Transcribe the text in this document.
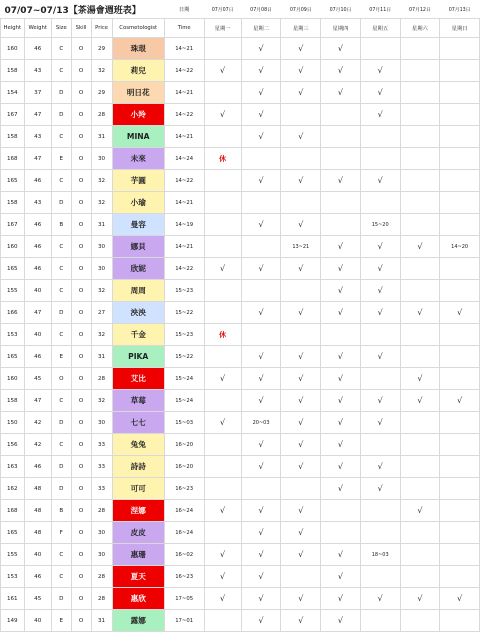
07/07~07/13【茶湯會週班表】						日期	07月07日	07月08日	07月09日	07月10日	07月11日	07月12日	07月13日
Height	Weight	Size	Skill	Price	Cosmetologist	Time	星期一	星期二	星期三	星期四	星期五	星期六	星期日
160	46	C	O	29	珠珢	14~21		√	√	√			
158	43	C	O	32	莉兒	14~22	√	√	√	√	√		
154	37	D	O	29	明日花	14~21		√	√	√	√		
167	47	D	O	28	小羚	14~22	√	√			√		
158	43	C	O	31	MINA	14~21		√	√				
168	47	E	O	30	未來	14~24	休						
165	46	C	O	32	芋圓	14~22		√	√	√	√		
158	43	D	O	32	小瑜	14~21							
167	46	B	O	31	曼容	14~19		√	√		15~20		
160	46	C	O	30	娜貝	14~21			13~21	√	√	√	14~20
165	46	C	O	30	欣妮	14~22	√	√	√	√	√		
155	40	C	O	32	周周	15~23				√	√		
166	47	D	O	27	泱泱	15~22		√	√	√	√	√	√
153	40	C	O	32	千金	15~23	休						
165	46	E	O	31	PIKA	15~22		√	√	√	√		
160	45	O	O	28	艾比	15~24	√	√	√	√		√	
158	47	C	O	32	草莓	15~24		√	√	√	√	√	√
150	42	D	O	30	七七	15~03	√	20~03	√	√	√		
156	42	C	O	33	兔兔	16~20		√	√	√			
163	46	D	O	33	詩詩	16~20		√	√	√	√		
162	48	D	O	33	可可	16~23				√	√		
168	48	B	O	28	涅娜	16~24	√	√	√			√	
165	48	F	O	30	皮皮	16~24		√	√				
155	40	C	O	30	惠珊	16~02	√	√	√	√	18~03		
153	46	C	O	28	夏天	16~23	√	√		√			
161	45	D	O	28	惠欣	17~05	√	√	√	√	√	√	√
149	40	E	O	31	露娜	17~01		√	√	√			
